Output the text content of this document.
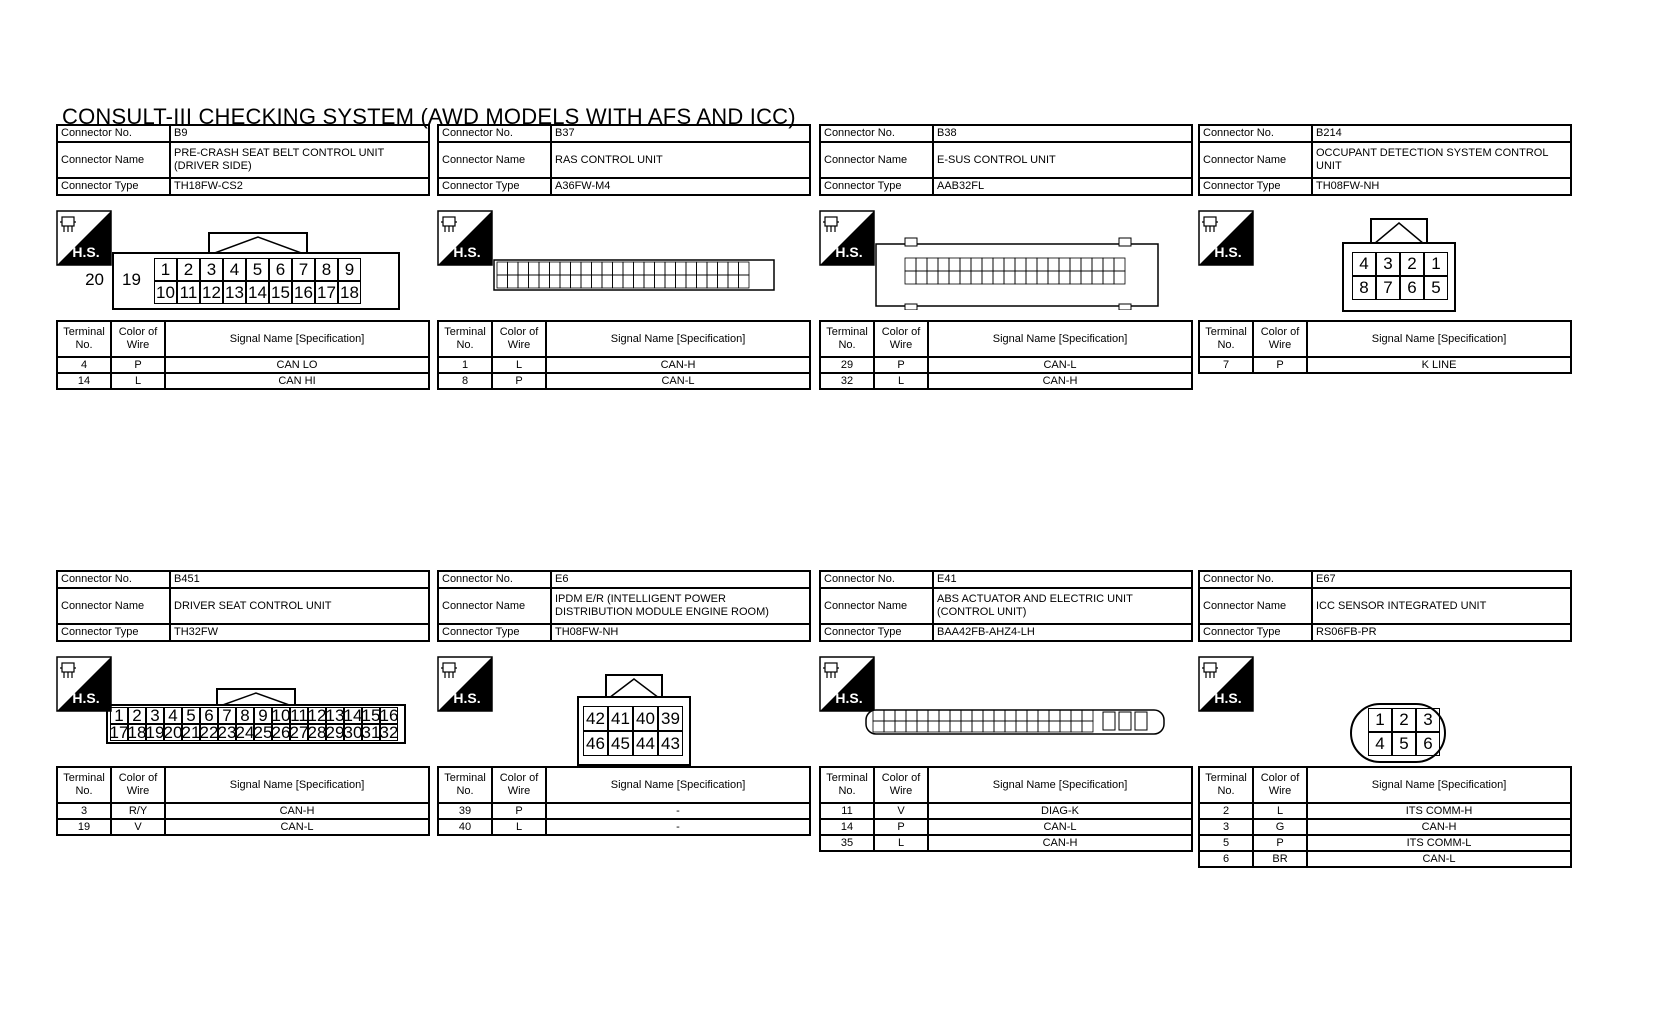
CONSULT-III CHECKING SYSTEM (AWD MODELS WITH AFS AND ICC)
Connector No.	B9
Connector Name	PRE-CRASH SEAT BELT CONTROL UNIT (DRIVER SIDE)
Connector Type	TH18FW-CS2
H.S.
1 2 3 4 5 6 7 8 9
10 11 12 13 14 15 16 17 18
19
20
Terminal No.	Color of Wire	Signal Name [Specification]
4	P	CAN LO
14	L	CAN HI
Connector No.	B37
Connector Name	RAS CONTROL UNIT
Connector Type	A36FW-M4
H.S.
Terminal No.	Color of Wire	Signal Name [Specification]
1	L	CAN-H
8	P	CAN-L
Connector No.	B38
Connector Name	E-SUS CONTROL UNIT
Connector Type	AAB32FL
H.S.
Terminal No.	Color of Wire	Signal Name [Specification]
29	P	CAN-L
32	L	CAN-H
Connector No.	B214
Connector Name	OCCUPANT DETECTION SYSTEM CONTROL UNIT
Connector Type	TH08FW-NH
H.S.
4 3 2 1
8 7 6 5
Terminal No.	Color of Wire	Signal Name [Specification]
7	P	K LINE
Connector No.	B451
Connector Name	DRIVER SEAT CONTROL UNIT
Connector Type	TH32FW
H.S.
1 2 3 4 5 6 7 8 9 10 11 12 13 14 15 16
17 18 19 20 21 22 23 24 25 26 27 28 29 30 31 32
Terminal No.	Color of Wire	Signal Name [Specification]
3	R/Y	CAN-H
19	V	CAN-L
Connector No.	E6
Connector Name	IPDM E/R (INTELLIGENT POWER DISTRIBUTION MODULE ENGINE ROOM)
Connector Type	TH08FW-NH
H.S.
42 41 40 39
46 45 44 43
Terminal No.	Color of Wire	Signal Name [Specification]
39	P	-
40	L	-
Connector No.	E41
Connector Name	ABS ACTUATOR AND ELECTRIC UNIT (CONTROL UNIT)
Connector Type	BAA42FB-AHZ4-LH
H.S.
Terminal No.	Color of Wire	Signal Name [Specification]
11	V	DIAG-K
14	P	CAN-L
35	L	CAN-H
Connector No.	E67
Connector Name	ICC SENSOR INTEGRATED UNIT
Connector Type	RS06FB-PR
H.S.
1 2 3
4 5 6
Terminal No.	Color of Wire	Signal Name [Specification]
2	L	ITS COMM-H
3	G	CAN-H
5	P	ITS COMM-L
6	BR	CAN-L
